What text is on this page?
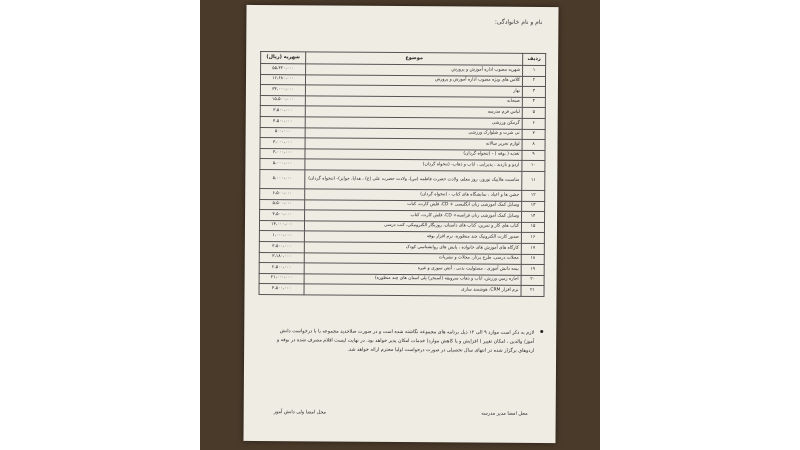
نام و نام خانوادگی:
ردیف	موضوع	شهریه (ریال)
۱	شهریه مصوب اداره آموزش و پرورش	۵۵،۳۲۰،۰۰۰
۲	کلاس های ویژه مصوب اداره آموزش و پرورش	۱۶،۶۸۰،۰۰۰
۳	نهار	۳۳،۰۰۰،۰۰۰
۴	صبحانه	۱۵،۵۰۰،۰۰۰
۵	لباس فرم مدرسه	۳،۵۰۰،۰۰۰
۶	گرمکن ورزشی	۴،۵۰۰،۰۰۰
۷	تی شرت و شلوارک ورزشی	۵۰۰،۰۰۰
۸	لوازم تحریر سالانه	۳،۰۰۰،۰۰۰
۹	تغذیه ( بوفه ) - (تنخواه گردان)	۳،۰۰۰،۰۰۰
۱۰	اردو و بازدید ، پذیرایی ، ایاب و ذهاب- (تنخواه گردان)	۵،۰۰۰،۰۰۰
۱۱	مناسبت ها(پیک نوروز، روز معلم، ولادت حضرت فاطمه (س)، ولادت حضرت علی (ع) ، هدایا، جوایز)- (تنخواه گردان)	۵،۰۰۰،۰۰۰
۱۲	جشن ها و اعیاد ، نمایشگاه های کتاب - (تنخواه گردان)	۶،۵۰۰،۰۰۰
۱۳	وسایل کمک آموزشی زبان انگلیسی + CD، فلش کارت، کتاب	۵،۵۰۰،۰۰۰
۱۴	وسایل کمک آموزشی زبان فرانسه+ CD، فلش کارت، کتاب	۳،۵۰۰،۰۰۰
۱۵	کتاب های کار و تمرین، کتاب های داستان، روزنگار الکترونیکی، کتب درسی	۱۴،۰۰۰،۰۰۰
۱۶	صدور کارت الکترونیک چند منظوره، نرم افزار بوقه	۱،۰۰۰،۰۰۰
۱۷	کارگاه های آموزش های خانواده ، پایش های روانشناسی کودک	۳،۵۰۰،۰۰۰
۱۸	مجلات درسی، طرح پرتار، مجلات و نشریات	۳،۱۸۰،۰۰۰
۱۹	بیمه دانش آموزی ، مسئولیت بدنی ، آتش سوزی و غیره	۲،۵۰۰،۰۰۰
۲۰	اجاره زمین ورزش، ایاب و ذهاب سرویقه (استخر) پلی استان های چند منظوره)	۲۱،۰۰۰،۰۰۰
۲۱	نرم افزار CRM، هوشمند سازی	۴،۵۰۰،۰۰۰
لازم به ذکر است موارد ۹ الی ۱۲ ذیل برنامه های مجموعه نگاشته شده است و در صورت صلاحدید مجموعه یا با درخواست دانش آموز/ والدین ، امکان تغییر ( افزایش و یا کاهش موارد) خدمات امکان پذیر خواهد بود. در نهایت لیست اقلام مصرف شده در بوفه و اردوهای برگزار شده در انتهای سال تحصیلی در صورت درخواست اولیا محترم ارائه خواهد شد.
محل امضا مدیر مدرسه
محل امضا ولی دانش آموز
